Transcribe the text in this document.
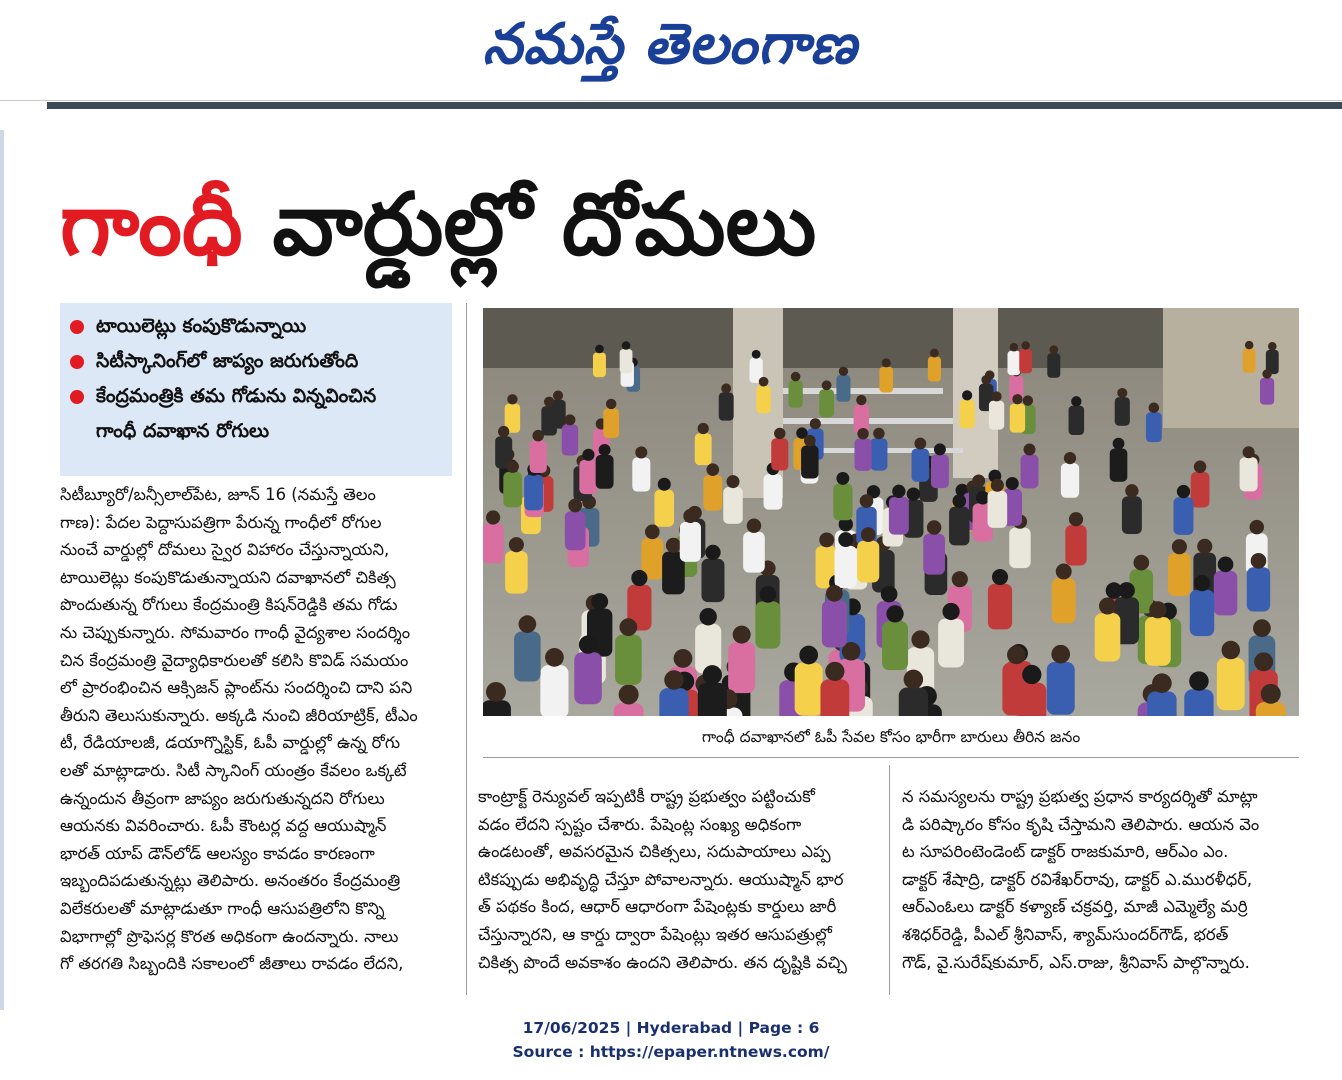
నమస్తే తెలంగాణ
గాంధీ వార్డుల్లో దోమలు
టాయిలెట్లు కంపుకొడున్నాయి
సిటీస్కానింగ్‌లో జాప్యం జరుగుతోంది
కేంద్రమంత్రికి తమ గోడును విన్నవించిన
గాంధీ దవాఖాన రోగులు
సిటీబ్యూరో/బన్సీలాల్‌పేట, జూన్ 16 (నమస్తే తెలం
గాణ): పేదల పెద్దాసుపత్రిగా పేరున్న గాంధీలో రోగుల
నుంచే వార్డుల్లో దోమలు స్వైర విహారం చేస్తున్నాయని,
టాయిలెట్లు కంపుకొడుతున్నాయని దవాఖానలో చికిత్స
పొందుతున్న రోగులు కేంద్రమంత్రి కిషన్‌రెడ్డికి తమ గోడు
ను చెప్పుకున్నారు. సోమవారం గాంధీ వైద్యశాల సందర్శిం
చిన కేంద్రమంత్రి వైద్యాధికారులతో కలిసి కొవిడ్ సమయం
లో ప్రారంభించిన ఆక్సిజన్ ప్లాంట్‌ను సందర్శించి దాని పని
తీరుని తెలుసుకున్నారు. అక్కడి నుంచి జీరియాట్రిక్, టీఎం
టీ, రేడియాలజీ, డయాగ్నొస్టిక్, ఓపీ వార్డుల్లో ఉన్న రోగు
లతో మాట్లాడారు. సిటీ స్కానింగ్ యంత్రం కేవలం ఒక్కటే
ఉన్నందున తీవ్రంగా జాప్యం జరుగుతున్నదని రోగులు
ఆయనకు వివరించారు. ఓపీ కౌంటర్ల వద్ద ఆయుష్మాన్
భారత్ యాప్ డౌన్‌లోడ్ ఆలస్యం కావడం కారణంగా
ఇబ్బందిపడుతున్నట్లు తెలిపారు. అనంతరం కేంద్రమంత్రి
విలేకరులతో మాట్లాడుతూ గాంధీ ఆసుపత్రిలోని కొన్ని
విభాగాల్లో ప్రొఫెసర్ల కొరత అధికంగా ఉందన్నారు. నాలు
గో తరగతి సిబ్బందికి సకాలంలో జీతాలు రావడం లేదని,
గాంధీ దవాఖానలో ఓపీ సేవల కోసం భారీగా బారులు తీరిన జనం
కాంట్రాక్ట్ రెన్యువల్ ఇప్పటికీ రాష్ట్ర ప్రభుత్వం పట్టించుకో
వడం లేదని స్పష్టం చేశారు. పేషెంట్ల సంఖ్య అధికంగా
ఉండటంతో, అవసరమైన చికిత్సలు, సదుపాయాలు ఎప్ప
టికప్పుడు అభివృద్ధి చేస్తూ పోవాలన్నారు. ఆయుష్మాన్ భార
త్ పథకం కింద, ఆధార్ ఆధారంగా పేషెంట్లకు కార్డులు జారీ
చేస్తున్నారని, ఆ కార్డు ద్వారా పేషెంట్లు ఇతర ఆసుపత్రుల్లో
చికిత్స పొందే అవకాశం ఉందని తెలిపారు. తన దృష్టికి వచ్చి
న సమస్యలను రాష్ట్ర ప్రభుత్వ ప్రధాన కార్యదర్శితో మాట్లా
డి పరిష్కారం కోసం కృషి చేస్తామని తెలిపారు. ఆయన వెం
ట సూపరింటెండెంట్ డాక్టర్ రాజకుమారి, ఆర్ఎం ఎం.
డాక్టర్ శేషాద్రి, డాక్టర్ రవిశేఖర్‌రావు, డాక్టర్ ఎ.మురళీధర్,
ఆర్ఎంఓలు డాక్టర్ కళ్యాణ్ చక్రవర్తి, మాజీ ఎమ్మెల్యే మర్రి
శశిధర్‌రెడ్డి, పీఎల్ శ్రీనివాస్, శ్యామ్‌సుందర్‌గౌడ్, భరత్
గౌడ్, వై.సురేష్‌కుమార్, ఎస్.రాజు, శ్రీనివాస్ పాల్గొన్నారు.
17/06/2025 | Hyderabad | Page : 6
Source : https://epaper.ntnews.com/
